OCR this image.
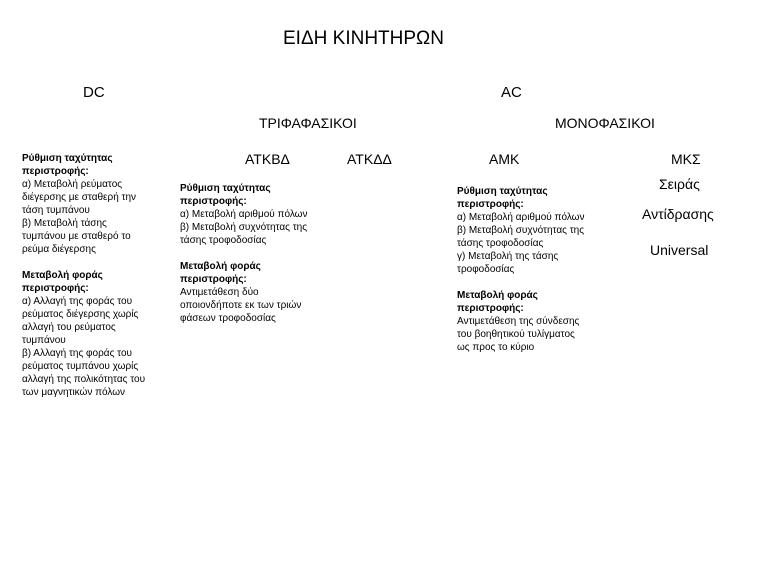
ΕΙΔΗ ΚΙΝΗΤΗΡΩΝ
DC	AC
ΤΡΙΦΑΦΑΣΙΚΟΙ	ΜΟΝΟΦΑΣΙΚΟΙ
ΑΤΚΒΔ	ΑΤΚΔΔ	ΑΜΚ	ΜΚΣ
Σειράς
Αντίδρασης
Universal
Ρύθμιση ταχύτητας
περιστροφής:
α) Μεταβολή ρεύματος
διέγερσης με σταθερή την
τάση τυμπάνου
β) Μεταβολή τάσης
τυμπάνου με σταθερό το
ρεύμα διέγερσης
Μεταβολή φοράς
περιστροφής:
α) Αλλαγή της φοράς του
ρεύματος διέγερσης χωρίς
αλλαγή του ρεύματος
τυμπάνου
β) Αλλαγή της φοράς του
ρεύματος τυμπάνου χωρίς
αλλαγή της πολικότητας του
των μαγνητικών πόλων
Ρύθμιση ταχύτητας
περιστροφής:
α) Μεταβολή αριθμού πόλων
β) Μεταβολή συχνότητας της
τάσης τροφοδοσίας
Μεταβολή φοράς
περιστροφής:
Αντιμετάθεση δύο
οποιονδήποτε εκ των τριών
φάσεων τροφοδοσίας
Ρύθμιση ταχύτητας
περιστροφής:
α) Μεταβολή αριθμού πόλων
β) Μεταβολή συχνότητας της
τάσης τροφοδοσίας
γ) Μεταβολή της τάσης
τροφοδοσίας
Μεταβολή φοράς
περιστροφής:
Αντιμετάθεση της σύνδεσης
του βοηθητικού τυλίγματος
ως προς το κύριο
